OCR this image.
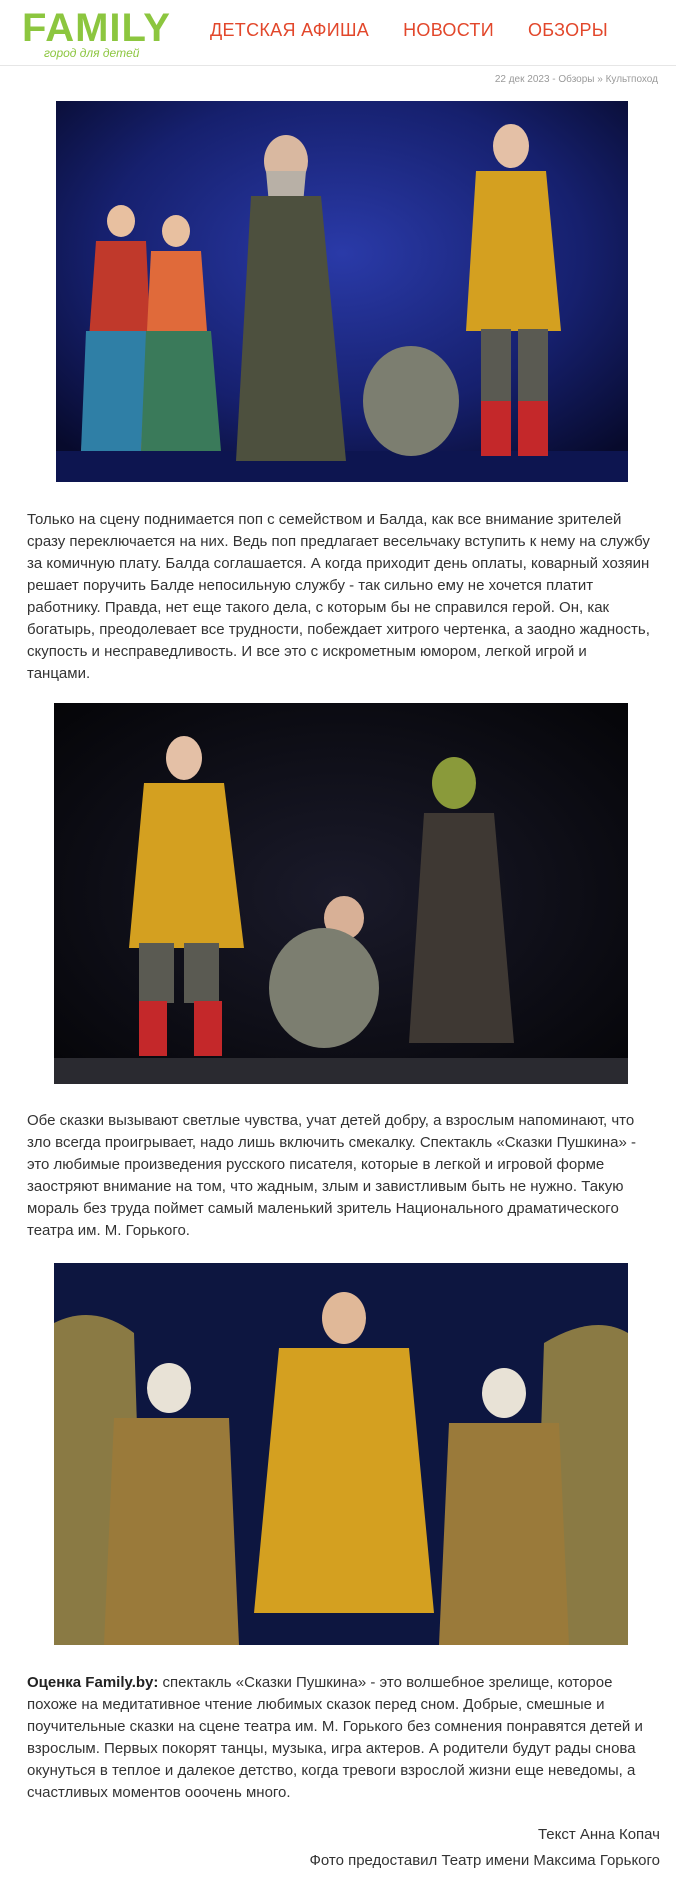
FAMILY
город для детей
ДЕТСКАЯ АФИША НОВОСТИ ОБЗОРЫ
22 дек 2023 - Обзоры » Культпоход

Только на сцену поднимается поп с семейством и Балда, как все внимание зрителей сразу переключается на них. Ведь поп предлагает весельчаку вступить к нему на службу за комичную плату. Балда соглашается. А когда приходит день оплаты, коварный хозяин решает поручить Балде непосильную службу - так сильно ему не хочется платит работнику. Правда, нет еще такого дела, с которым бы не справился герой. Он, как богатырь, преодолевает все трудности, побеждает хитрого чертенка, а заодно жадность, скупость и несправедливость. И все это с искрометным юмором, легкой игрой и танцами.

Обе сказки вызывают светлые чувства, учат детей добру, а взрослым напоминают, что зло всегда проигрывает, надо лишь включить смекалку. Спектакль «Сказки Пушкина» - это любимые произведения русского писателя, которые в легкой и игровой форме заостряют внимание на том, что жадным, злым и завистливым быть не нужно. Такую мораль без труда поймет самый маленький зритель Национального драматического театра им. М. Горького.

Оценка Family.by: спектакль «Сказки Пушкина» - это волшебное зрелище, которое похоже на медитативное чтение любимых сказок перед сном. Добрые, смешные и поучительные сказки на сцене театра им. М. Горького без сомнения понравятся детей и взрослым. Первых покорят танцы, музыка, игра актеров. А родители будут рады снова окунуться в теплое и далекое детство, когда тревоги взрослой жизни еще неведомы, а счастливых моментов ооочень много.

Текст Анна Копач
Фото предоставил Театр имени Максима Горького
